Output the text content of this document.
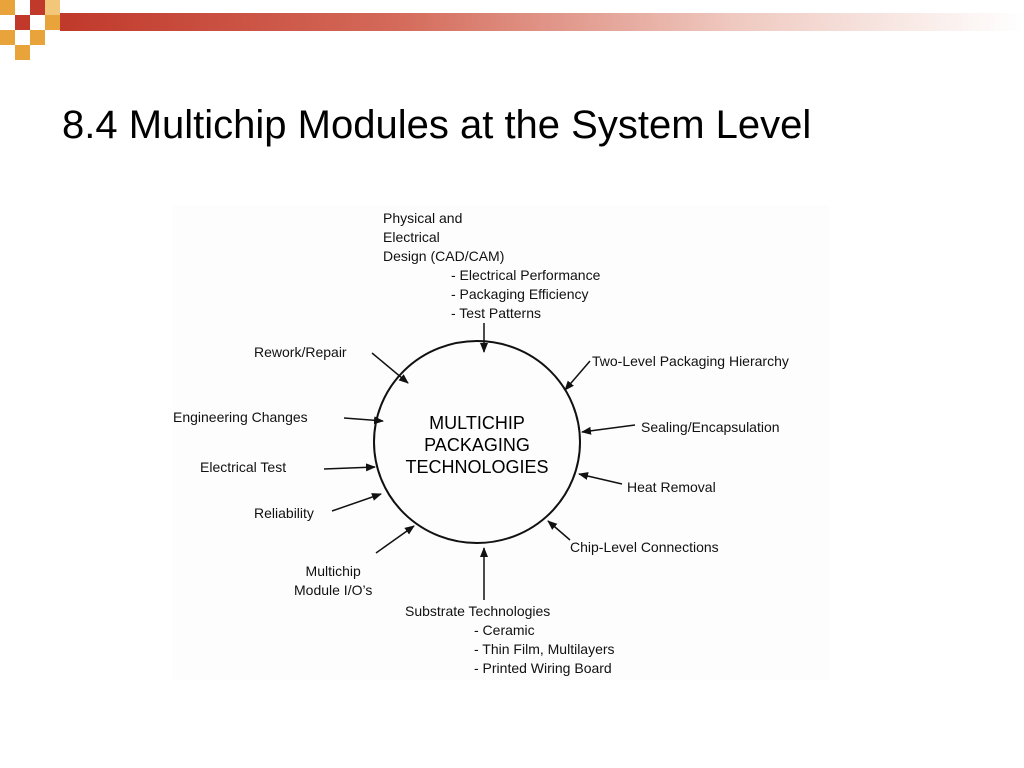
8.4 Multichip Modules at the System Level
Physical and
Electrical
Design (CAD/CAM)
- Electrical Performance
- Packaging Efficiency
- Test Patterns
Two-Level Packaging Hierarchy
Sealing/Encapsulation
Heat Removal
Chip-Level Connections
Substrate Technologies
- Ceramic
- Thin Film, Multilayers
- Printed Wiring Board
Rework/Repair
Engineering Changes
Electrical Test
Reliability
Multichip
Module I/O’s
MULTICHIP
PACKAGING
TECHNOLOGIES
